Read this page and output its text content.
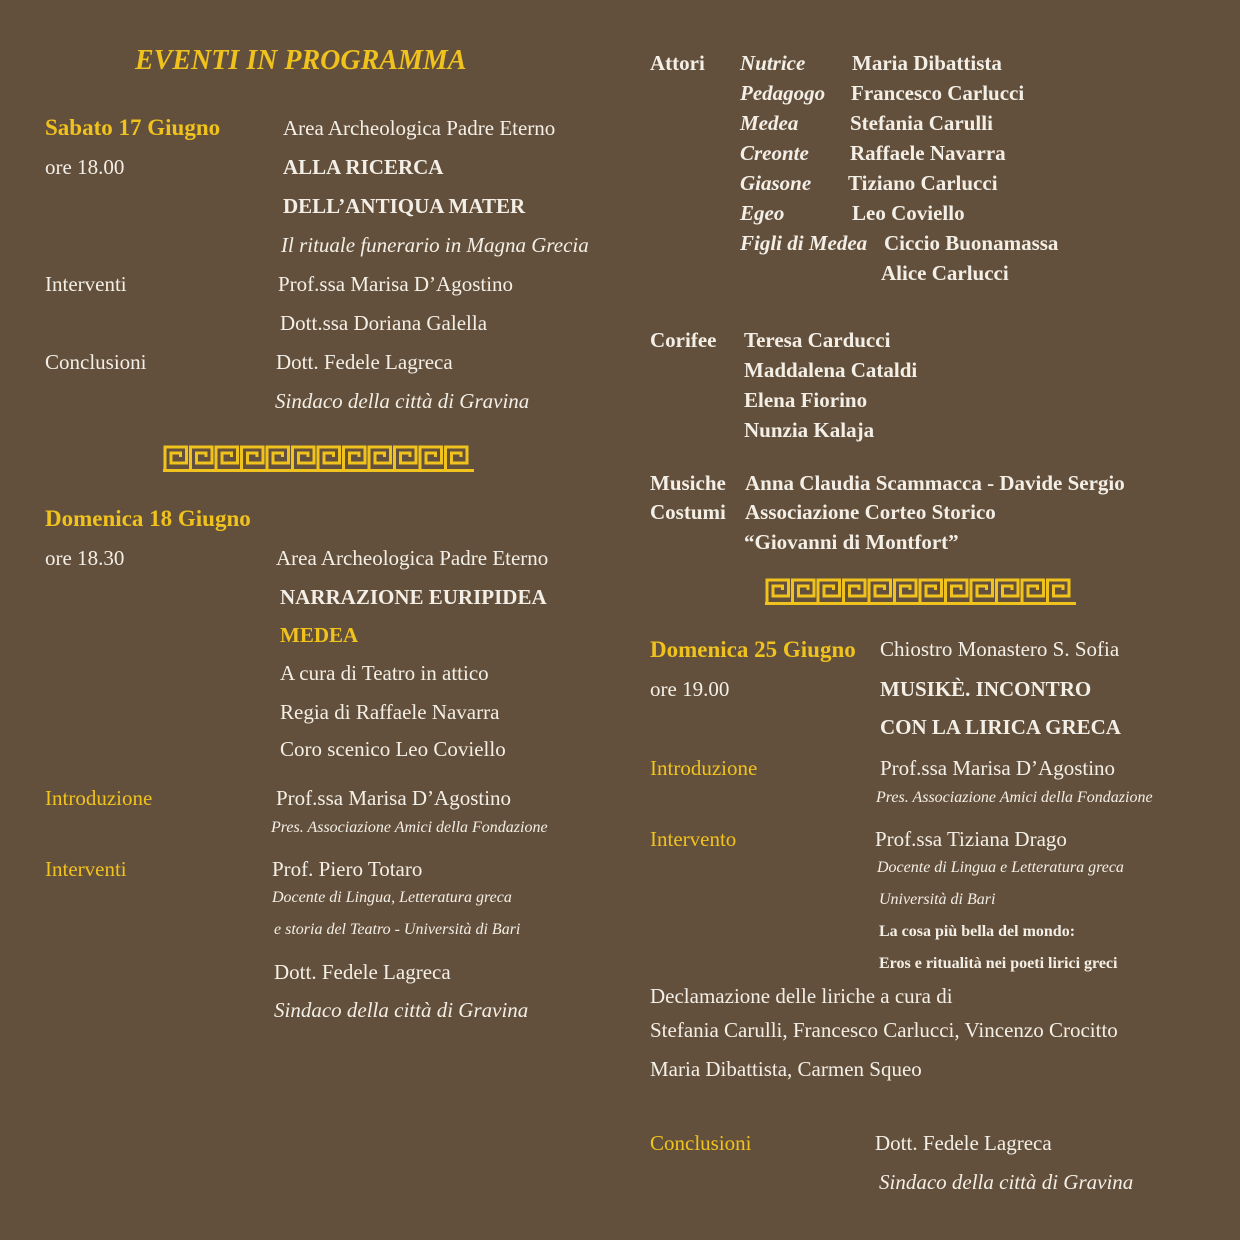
EVENTI IN PROGRAMMA
Sabato 17 Giugno	Area Archeologica Padre Eterno
ore 18.00	ALLA RICERCA
DELL’ANTIQUA MATER
Il rituale funerario in Magna Grecia
Interventi	Prof.ssa Marisa D’Agostino
Dott.ssa Doriana Galella
Conclusioni	Dott. Fedele Lagreca
Sindaco della città di Gravina
Domenica 18 Giugno
ore 18.30	Area Archeologica Padre Eterno
NARRAZIONE EURIPIDEA
MEDEA
A cura di Teatro in attico
Regia di Raffaele Navarra
Coro scenico Leo Coviello
Introduzione	Prof.ssa Marisa D’Agostino
Pres. Associazione Amici della Fondazione
Interventi	Prof. Piero Totaro
Docente di Lingua, Letteratura greca
e storia del Teatro - Università di Bari
Dott. Fedele Lagreca
Sindaco della città di Gravina
Attori Nutrice Maria Dibattista
Pedagogo Francesco Carlucci
Medea Stefania Carulli
Creonte Raffaele Navarra
Giasone Tiziano Carlucci
Egeo	Leo Coviello
Figli di Medea Ciccio Buonamassa
Alice Carlucci
Corifee Teresa Carducci
Maddalena Cataldi
Elena Fiorino
Nunzia Kalaja
Musiche Anna Claudia Scammacca - Davide Sergio
Costumi Associazione Corteo Storico
“Giovanni di Montfort”
Domenica 25 Giugno Chiostro Monastero S. Sofia
ore 19.00	MUSIKÈ. INCONTRO
CON LA LIRICA GRECA
Introduzione	Prof.ssa Marisa D’Agostino
Pres. Associazione Amici della Fondazione
Intervento	Prof.ssa Tiziana Drago
Docente di Lingua e Letteratura greca
Università di Bari
La cosa più bella del mondo:
Eros e ritualità nei poeti lirici greci
Declamazione delle liriche a cura di
Stefania Carulli, Francesco Carlucci, Vincenzo Crocitto
Maria Dibattista, Carmen Squeo
Conclusioni	Dott. Fedele Lagreca
Sindaco della città di Gravina
